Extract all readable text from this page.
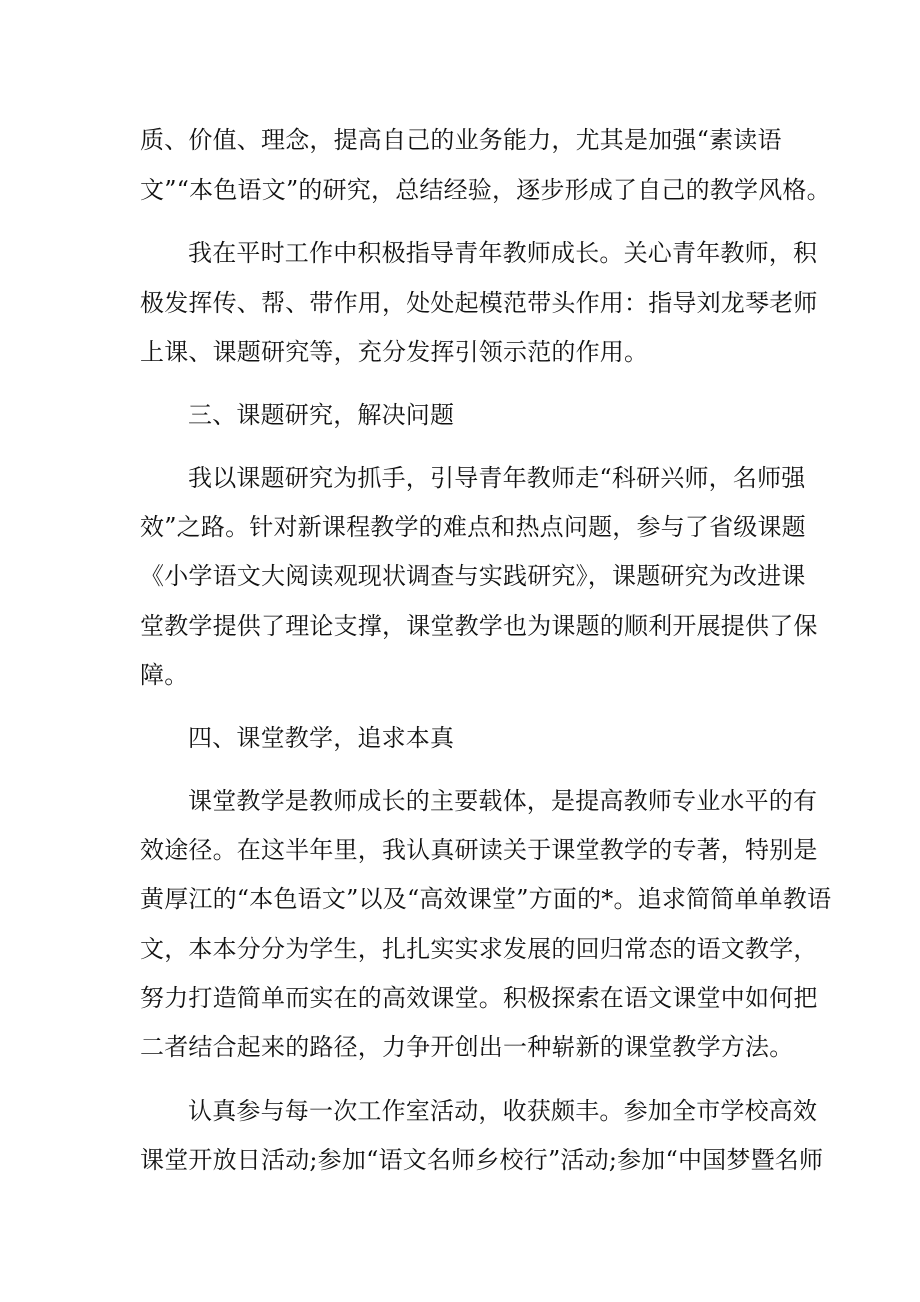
质、价值、理念，提高自己的业务能力，尤其是加强“素读语
文”“本色语文”的研究，总结经验，逐步形成了自己的教学风格。
我在平时工作中积极指导青年教师成长。关心青年教师，积
极发挥传、帮、带作用，处处起模范带头作用：指导刘龙琴老师
上课、课题研究等，充分发挥引领示范的作用。
三、课题研究，解决问题
我以课题研究为抓手，引导青年教师走“科研兴师，名师强
效”之路。针对新课程教学的难点和热点问题，参与了省级课题
《小学语文大阅读观现状调查与实践研究》，课题研究为改进课
堂教学提供了理论支撑，课堂教学也为课题的顺利开展提供了保
障。
四、课堂教学，追求本真
课堂教学是教师成长的主要载体，是提高教师专业水平的有
效途径。在这半年里，我认真研读关于课堂教学的专著，特别是
黄厚江的“本色语文”以及“高效课堂”方面的*。追求简简单单教语
文，本本分分为学生，扎扎实实求发展的回归常态的语文教学，
努力打造简单而实在的高效课堂。积极探索在语文课堂中如何把
二者结合起来的路径，力争开创出一种崭新的课堂教学方法。
认真参与每一次工作室活动，收获颇丰。参加全市学校高效
课堂开放日活动;参加“语文名师乡校行”活动;参加“中国梦暨名师
